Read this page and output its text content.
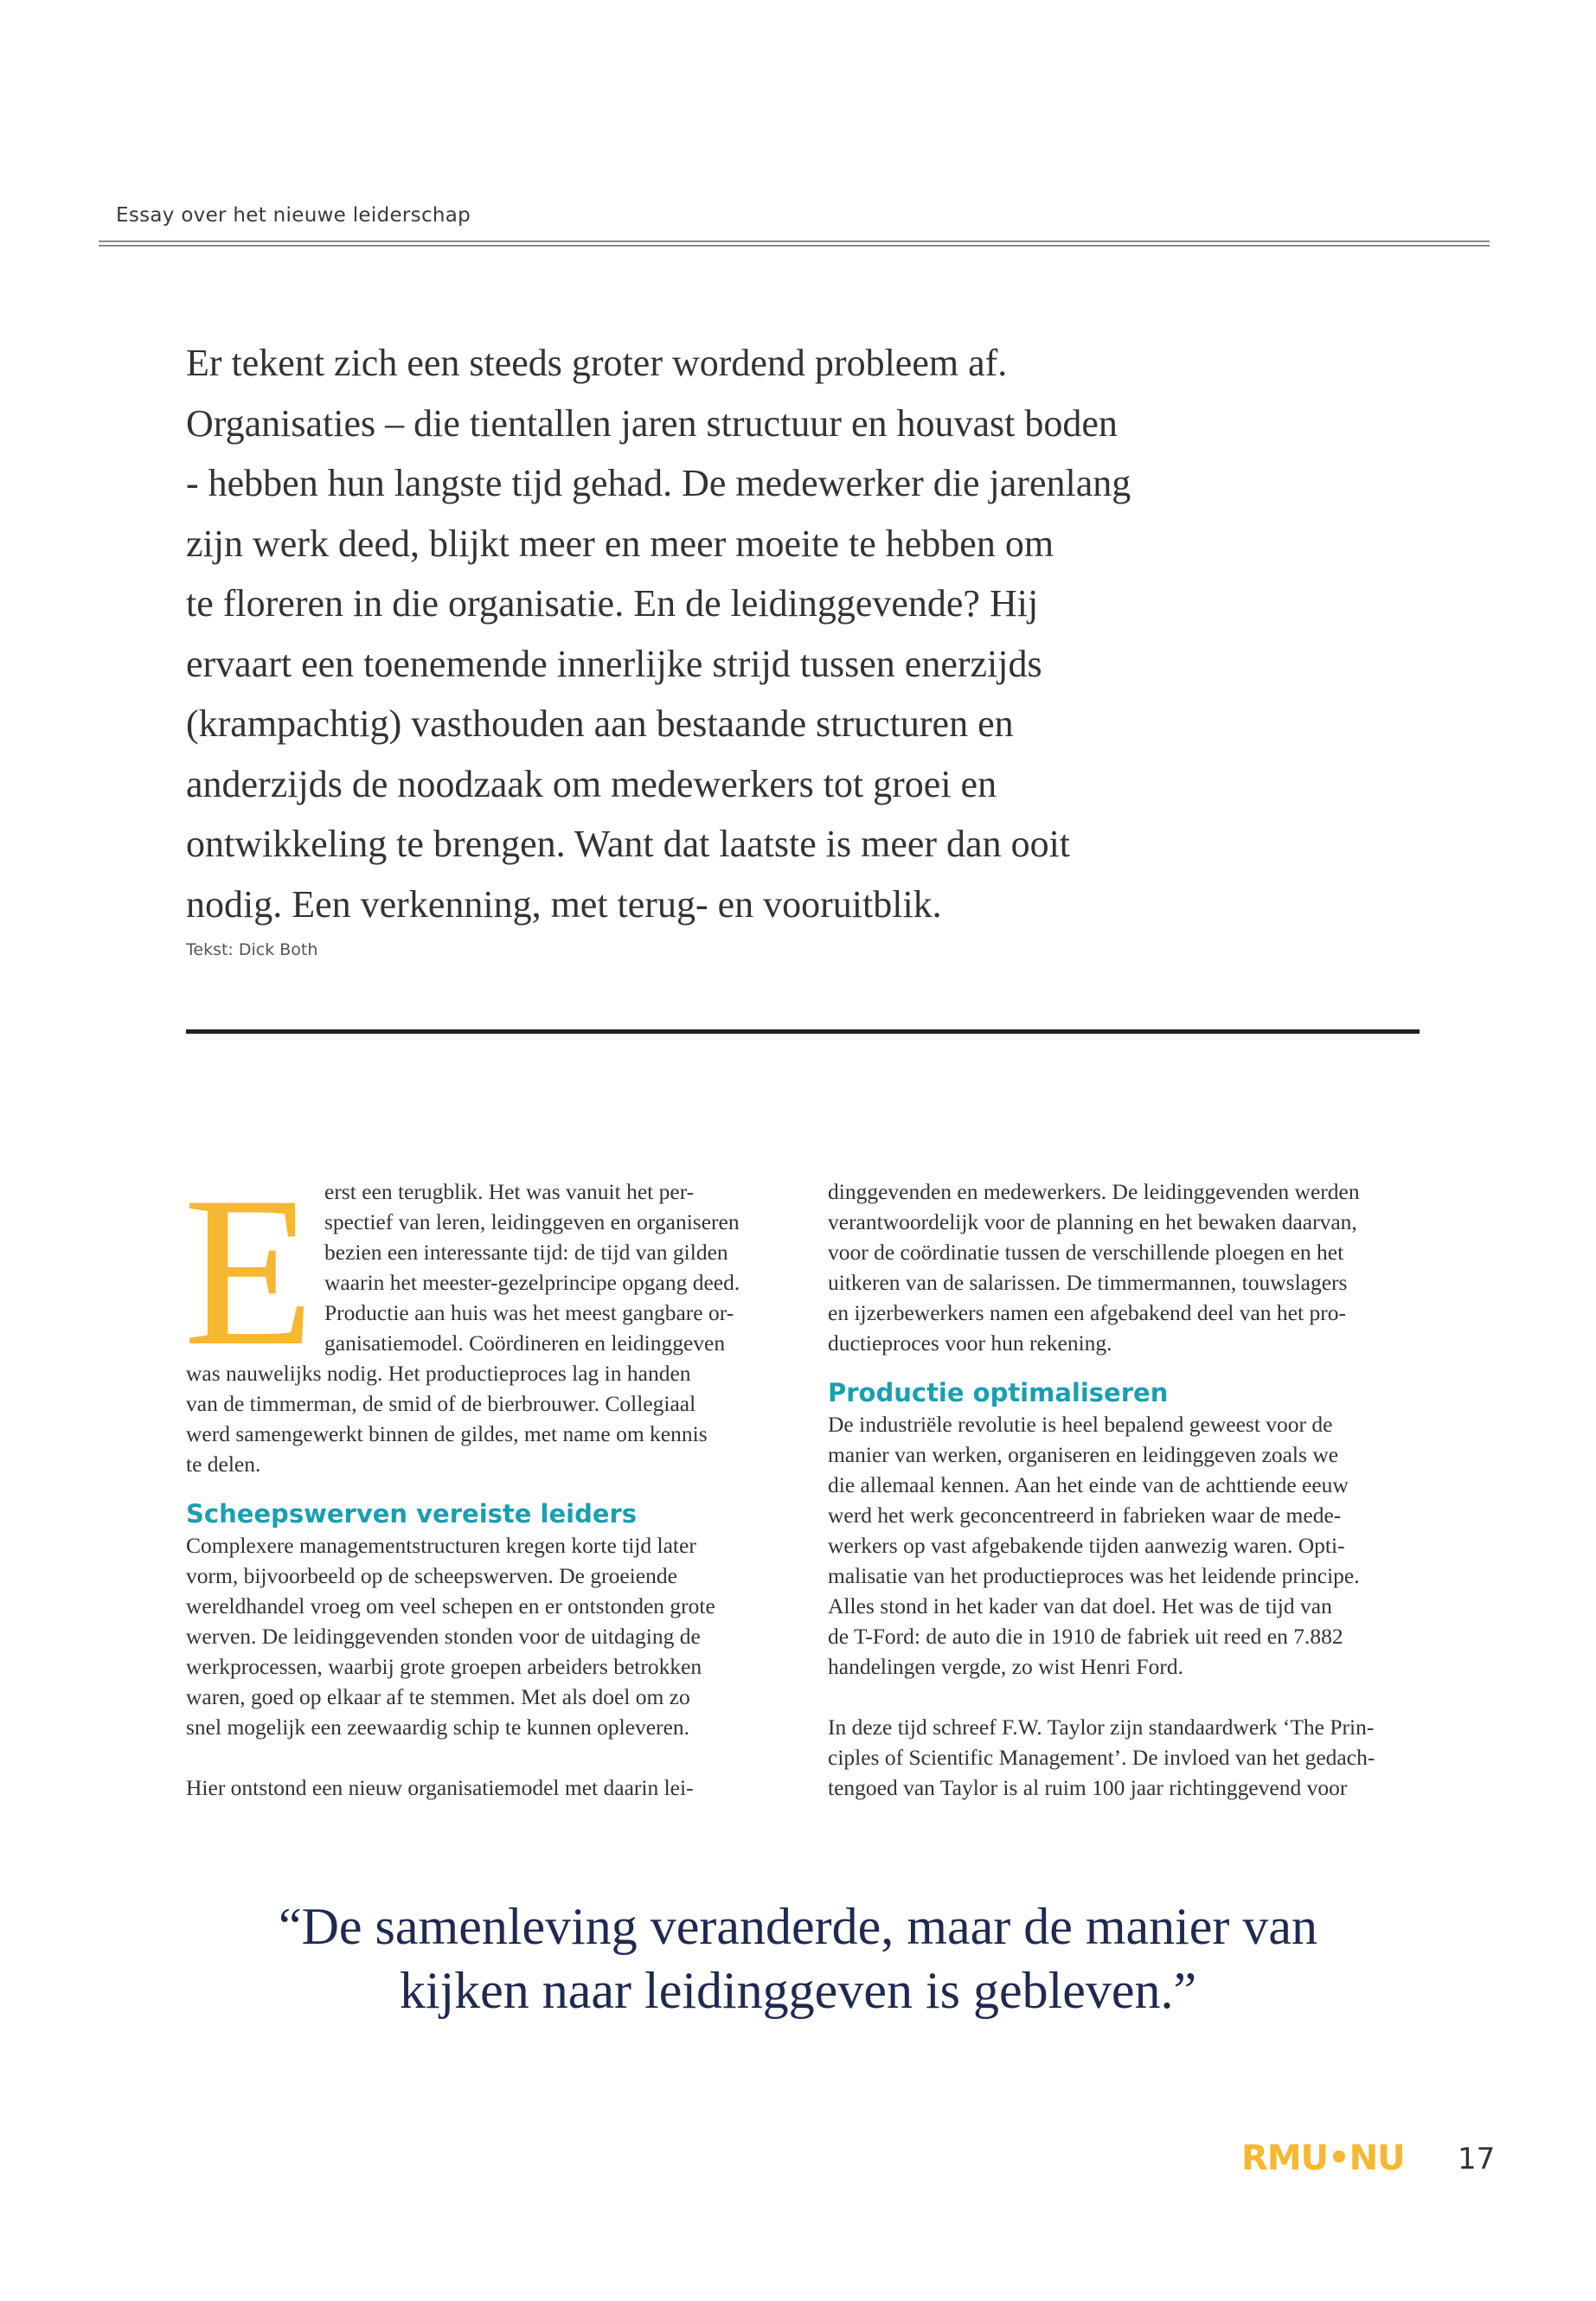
Essay over het nieuwe leiderschap

Er tekent zich een steeds groter wordend probleem af.
Organisaties – die tientallen jaren structuur en houvast boden
- hebben hun langste tijd gehad. De medewerker die jarenlang
zijn werk deed, blijkt meer en meer moeite te hebben om
te floreren in die organisatie. En de leidinggevende? Hij
ervaart een toenemende innerlijke strijd tussen enerzijds
(krampachtig) vasthouden aan bestaande structuren en
anderzijds de noodzaak om medewerkers tot groei en
ontwikkeling te brengen. Want dat laatste is meer dan ooit
nodig. Een verkenning, met terug- en vooruitblik.

Tekst: Dick Both
E erst een terugblik. Het was vanuit het per-
spectief van leren, leidinggeven en organiseren
bezien een interessante tijd: de tijd van gilden
waarin het meester-gezelprincipe opgang deed.
Productie aan huis was het meest gangbare or-
ganisatiemodel. Coördineren en leidinggeven
was nauwelijks nodig. Het productieproces lag in handen
van de timmerman, de smid of de bierbrouwer. Collegiaal
werd samengewerkt binnen de gildes, met name om kennis
te delen.
Scheepswerven vereiste leiders
Complexere managementstructuren kregen korte tijd later
vorm, bijvoorbeeld op de scheepswerven. De groeiende
wereldhandel vroeg om veel schepen en er ontstonden grote
werven. De leidinggevenden stonden voor de uitdaging de
werkprocessen, waarbij grote groepen arbeiders betrokken
waren, goed op elkaar af te stemmen. Met als doel om zo
snel mogelijk een zeewaardig schip te kunnen opleveren.
Hier ontstond een nieuw organisatiemodel met daarin lei-
dinggevenden en medewerkers. De leidinggevenden werden
verantwoordelijk voor de planning en het bewaken daarvan,
voor de coördinatie tussen de verschillende ploegen en het
uitkeren van de salarissen. De timmermannen, touwslagers
en ijzerbewerkers namen een afgebakend deel van het pro-
ductieproces voor hun rekening.
Productie optimaliseren
De industriële revolutie is heel bepalend geweest voor de
manier van werken, organiseren en leidinggeven zoals we
die allemaal kennen. Aan het einde van de achttiende eeuw
werd het werk geconcentreerd in fabrieken waar de mede-
werkers op vast afgebakende tijden aanwezig waren. Opti-
malisatie van het productieproces was het leidende principe.
Alles stond in het kader van dat doel. Het was de tijd van
de T-Ford: de auto die in 1910 de fabriek uit reed en 7.882
handelingen vergde, zo wist Henri Ford.
In deze tijd schreef F.W. Taylor zijn standaardwerk ‘The Prin-
ciples of Scientific Management’. De invloed van het gedach-
tengoed van Taylor is al ruim 100 jaar richtinggevend voor

“De samenleving veranderde, maar de manier van
kijken naar leidinggeven is gebleven.”

RMU•NU 17
